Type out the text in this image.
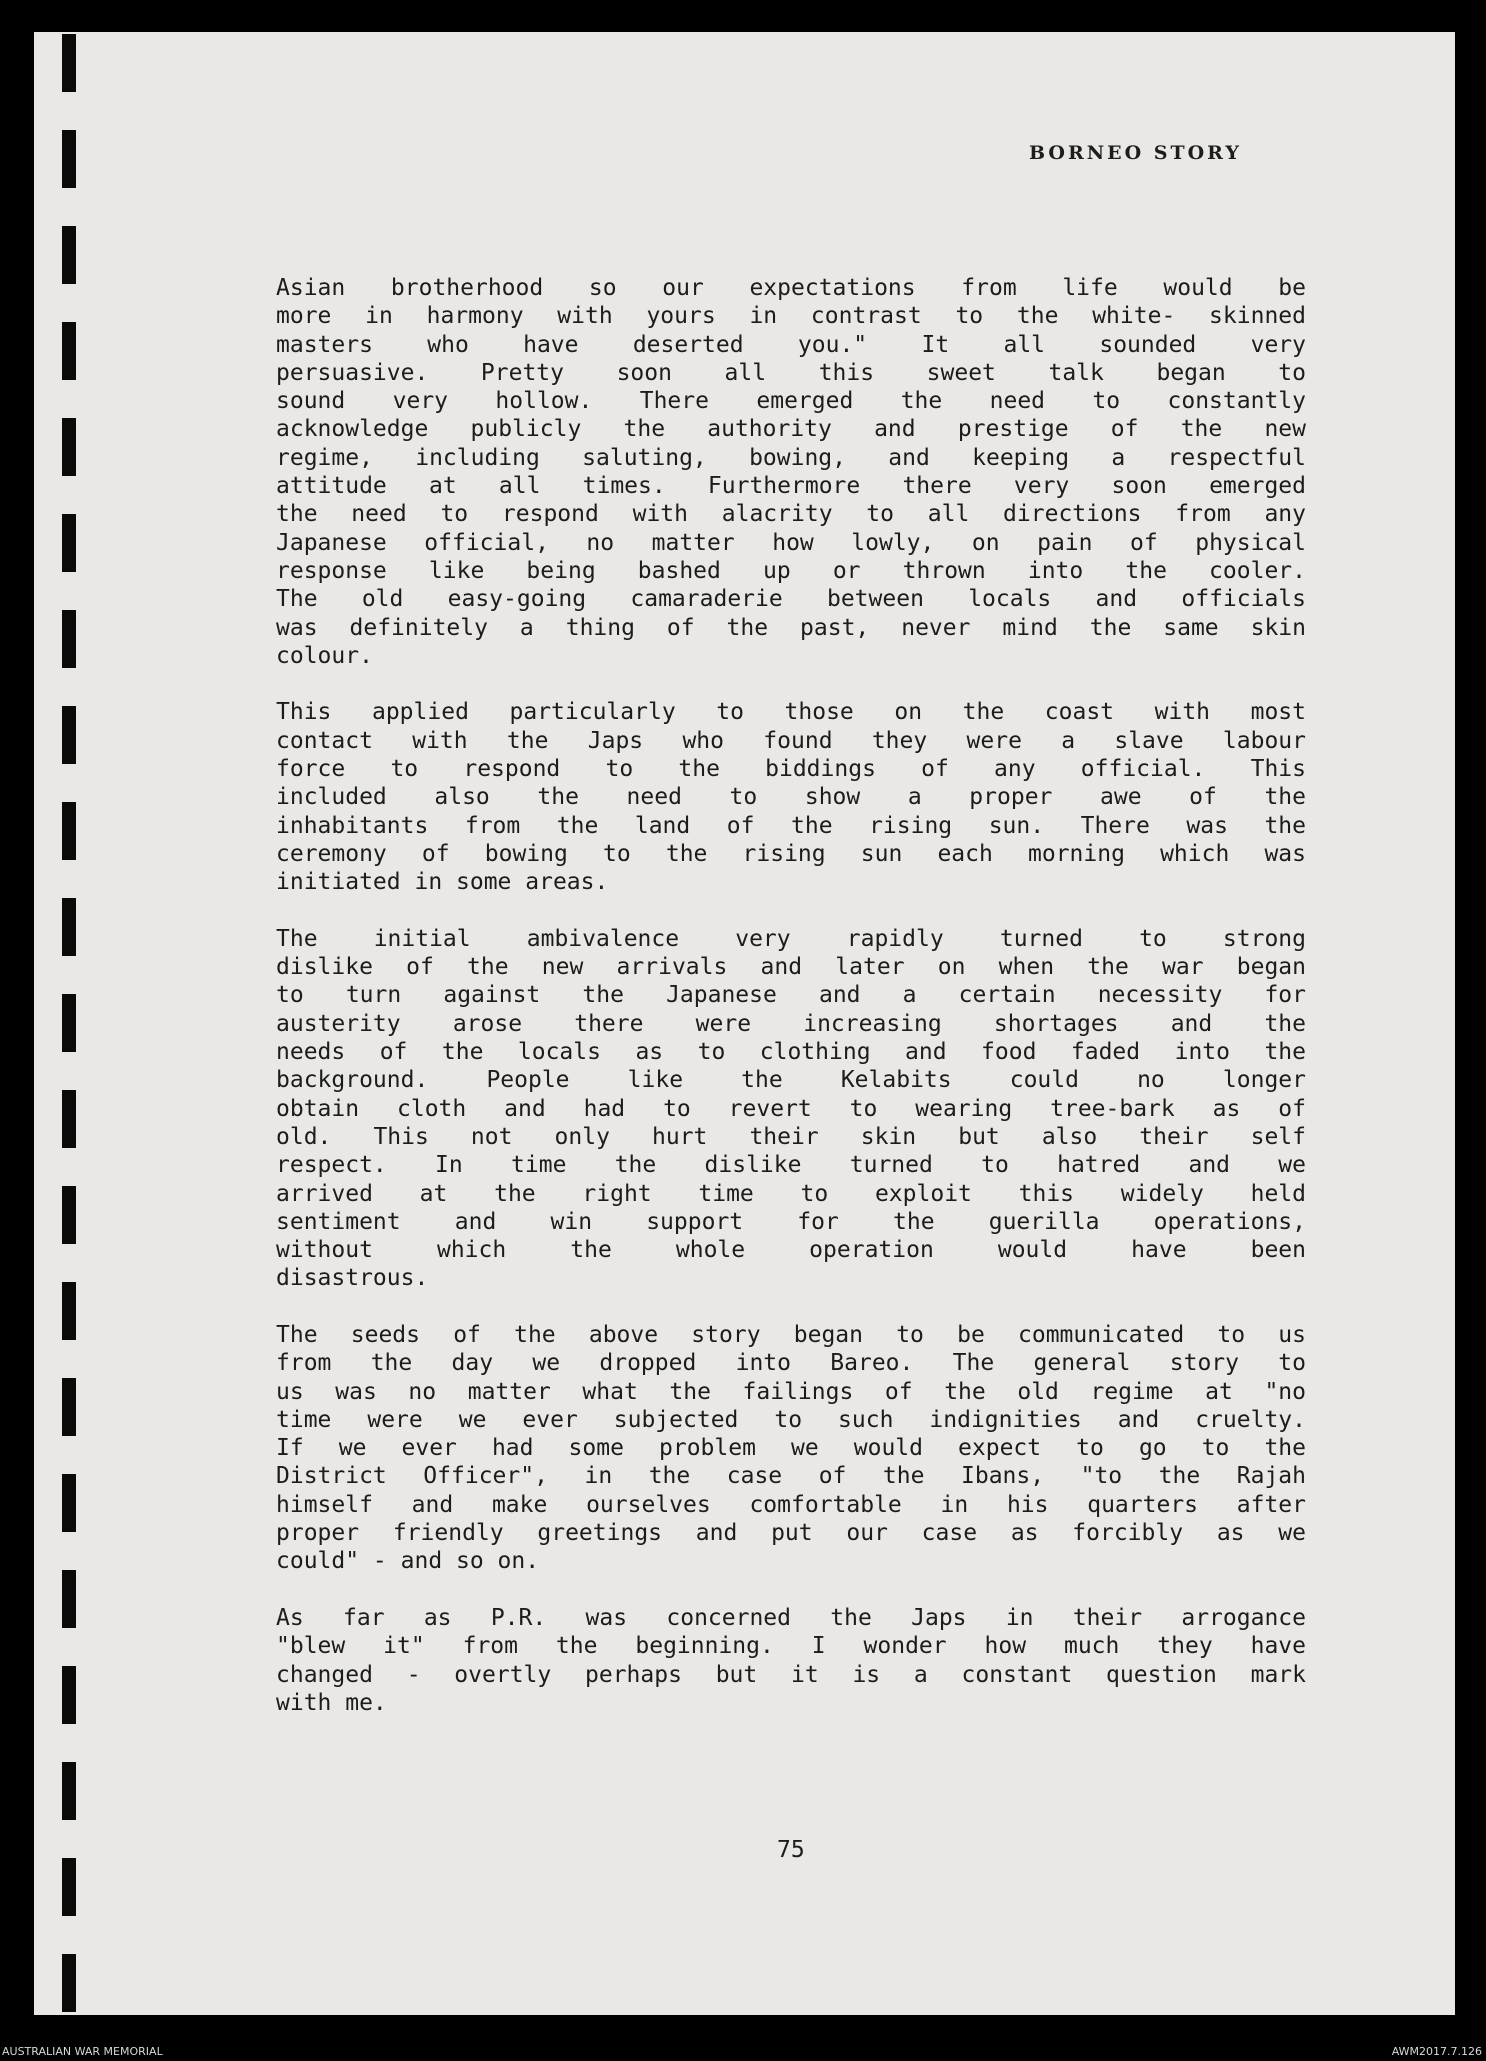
BORNEO STORY
Asian brotherhood so our expectations from life would be
more in harmony with yours in contrast to the white- skinned
masters who have deserted you." It all sounded very
persuasive. Pretty soon all this sweet talk began to
sound very hollow. There emerged the need to constantly
acknowledge publicly the authority and prestige of the new
regime, including saluting, bowing, and keeping a respectful
attitude at all times. Furthermore there very soon emerged
the need to respond with alacrity to all directions from any
Japanese official, no matter how lowly, on pain of physical
response like being bashed up or thrown into the cooler.
The old easy-going camaraderie between locals and officials
was definitely a thing of the past, never mind the same skin
colour.
This applied particularly to those on the coast with most
contact with the Japs who found they were a slave labour
force to respond to the biddings of any official. This
included also the need to show a proper awe of the
inhabitants from the land of the rising sun. There was the
ceremony of bowing to the rising sun each morning which was
initiated in some areas.
The initial ambivalence very rapidly turned to strong
dislike of the new arrivals and later on when the war began
to turn against the Japanese and a certain necessity for
austerity arose there were increasing shortages and the
needs of the locals as to clothing and food faded into the
background. People like the Kelabits could no longer
obtain cloth and had to revert to wearing tree-bark as of
old. This not only hurt their skin but also their self
respect. In time the dislike turned to hatred and we
arrived at the right time to exploit this widely held
sentiment and win support for the guerilla operations,
without which the whole operation would have been
disastrous.
The seeds of the above story began to be communicated to us
from the day we dropped into Bareo. The general story to
us was no matter what the failings of the old regime at "no
time were we ever subjected to such indignities and cruelty.
If we ever had some problem we would expect to go to the
District Officer", in the case of the Ibans, "to the Rajah
himself and make ourselves comfortable in his quarters after
proper friendly greetings and put our case as forcibly as we
could" - and so on.
As far as P.R. was concerned the Japs in their arrogance
"blew it" from the beginning. I wonder how much they have
changed - overtly perhaps but it is a constant question mark
with me.
75
AUSTRALIAN WAR MEMORIAL	AWM2017.7.126
